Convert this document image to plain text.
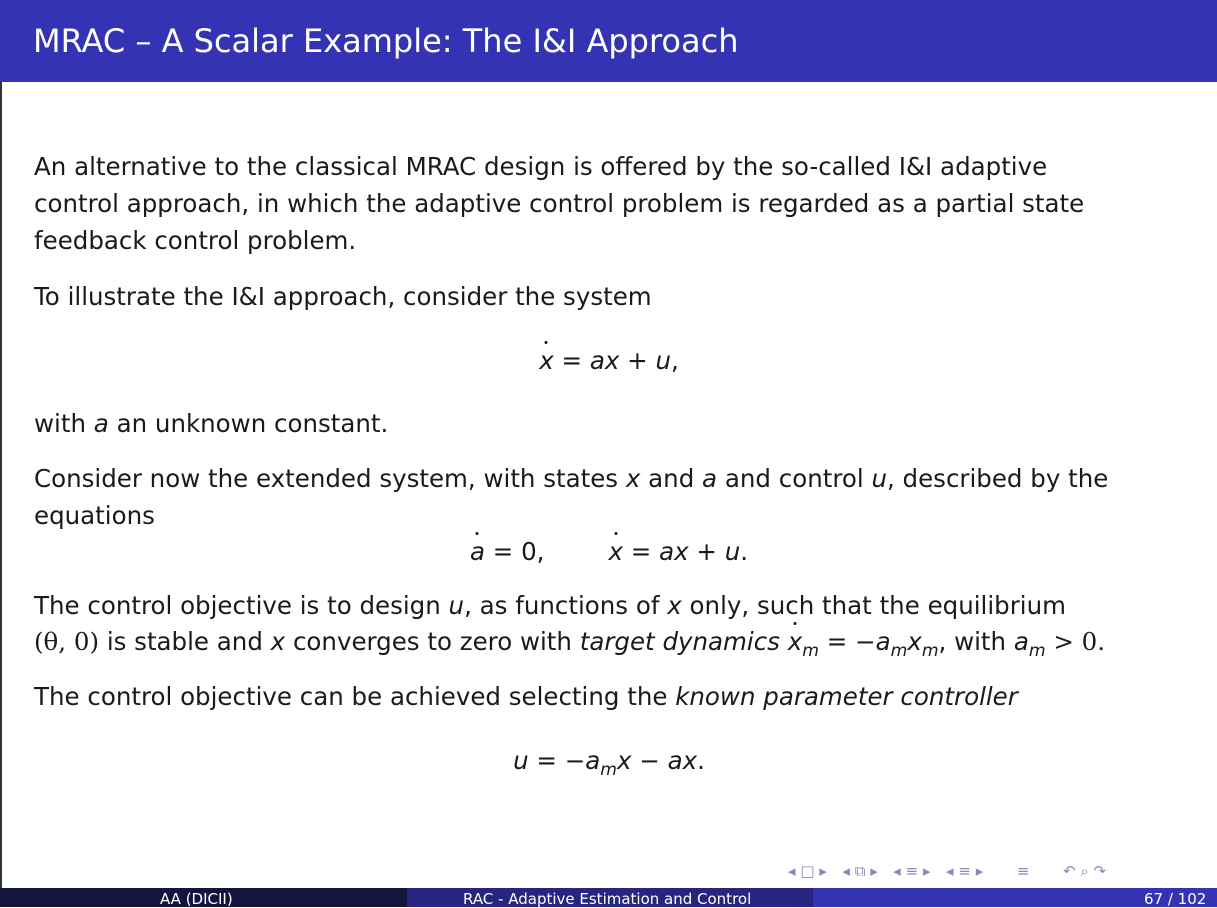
MRAC – A Scalar Example: The I&I Approach

An alternative to the classical MRAC design is offered by the so-called I&I adaptive

control approach, in which the adaptive control problem is regarded as a partial state

feedback control problem.

To illustrate the I&I approach, consider the system

x = ax + u,

with a an unknown constant.

Consider now the extended system, with states x and a and control u, described by the

equations

a = 0,	x = ax + u.

The control objective is to design u, as functions of x only, such that the equilibrium

(θ, 0) is stable and x converges to zero with target dynamics $x_m = -a_mx_m$, with $a_m > 0$.

The control objective can be achieved selecting the known parameter controller

$u = -a_mx$ − ax.
◂ □ ▸ ◂ ⧉ ▸ ◂ ≡ ▸ ◂ ≡ ▸ ≡ ↶ ⌕ ↷
AA (DICII)	RAC - Adaptive Estimation and Control	67 / 102
